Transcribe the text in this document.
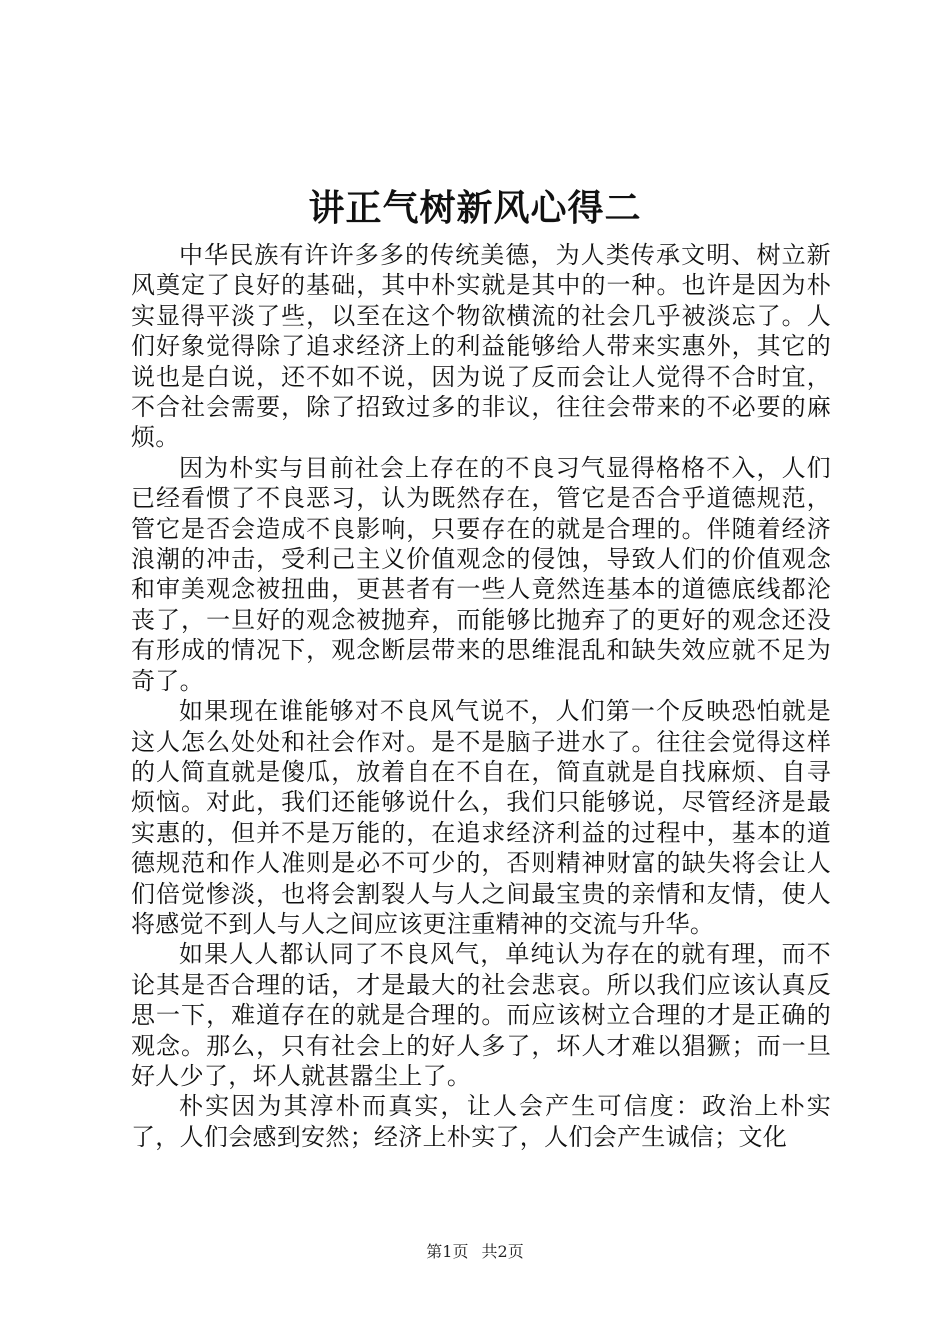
讲正气树新风心得二

中华民族有许许多多的传统美德，为人类传承文明、树立新风奠定了良好的基础，其中朴实就是其中的一种。也许是因为朴实显得平淡了些，以至在这个物欲横流的社会几乎被淡忘了。人们好象觉得除了追求经济上的利益能够给人带来实惠外，其它的说也是白说，还不如不说，因为说了反而会让人觉得不合时宜，不合社会需要，除了招致过多的非议，往往会带来的不必要的麻烦。

因为朴实与目前社会上存在的不良习气显得格格不入，人们已经看惯了不良恶习，认为既然存在，管它是否合乎道德规范，管它是否会造成不良影响，只要存在的就是合理的。伴随着经济浪潮的冲击，受利己主义价值观念的侵蚀，导致人们的价值观念和审美观念被扭曲，更甚者有一些人竟然连基本的道德底线都沦丧了，一旦好的观念被抛弃，而能够比抛弃了的更好的观念还没有形成的情况下，观念断层带来的思维混乱和缺失效应就不足为奇了。

如果现在谁能够对不良风气说不，人们第一个反映恐怕就是这人怎么处处和社会作对。是不是脑子进水了。往往会觉得这样的人简直就是傻瓜，放着自在不自在，简直就是自找麻烦、自寻烦恼。对此，我们还能够说什么，我们只能够说，尽管经济是最实惠的，但并不是万能的，在追求经济利益的过程中，基本的道德规范和作人准则是必不可少的，否则精神财富的缺失将会让人们倍觉惨淡，也将会割裂人与人之间最宝贵的亲情和友情，使人将感觉不到人与人之间应该更注重精神的交流与升华。

如果人人都认同了不良风气，单纯认为存在的就有理，而不论其是否合理的话，才是最大的社会悲哀。所以我们应该认真反思一下，难道存在的就是合理的。而应该树立合理的才是正确的观念。那么，只有社会上的好人多了，坏人才难以猖獗；而一旦好人少了，坏人就甚嚣尘上了。

朴实因为其淳朴而真实，让人会产生可信度：政治上朴实了，人们会感到安然；经济上朴实了，人们会产生诚信；文化

第1页 共2页
